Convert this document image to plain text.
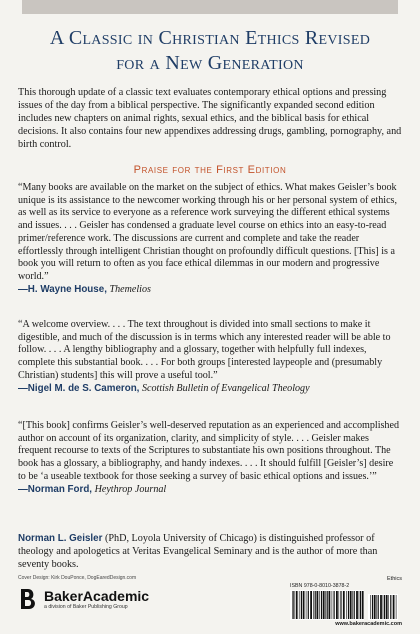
A Classic in Christian Ethics Revised
for a New Generation
This thorough update of a classic text evaluates contemporary ethical options and pressing issues of the day from a biblical perspective. The significantly expanded second edition includes new chapters on animal rights, sexual ethics, and the biblical basis for ethical decisions. It also contains four new appendixes addressing drugs, gambling, pornography, and birth control.
Praise for the First Edition
“Many books are available on the market on the subject of ethics. What makes Geisler’s book unique is its assistance to the newcomer working through his or her personal system of ethics, as well as its service to everyone as a reference work surveying the different ethical systems and issues. . . . Geisler has condensed a graduate level course on ethics into an easy-to-read primer/reference work. The discussions are current and complete and take the reader effortlessly through intelligent Christian thought on profoundly difficult questions. [This] is a book you will return to often as you face ethical dilemmas in our modern and progressive world.”
—H. Wayne House, Themelios
“A welcome overview. . . . The text throughout is divided into small sections to make it digestible, and much of the discussion is in terms which any interested reader will be able to follow. . . . A lengthy bibliography and a glossary, together with helpfully full indexes, complete this substantial book. . . . For both groups [interested laypeople and (presumably Christian) students] this will prove a useful tool.”
—Nigel M. de S. Cameron, Scottish Bulletin of Evangelical Theology
“[This book] confirms Geisler’s well-deserved reputation as an experienced and accomplished author on account of its organization, clarity, and simplicity of style. . . . Geisler makes frequent recourse to texts of the Scriptures to substantiate his own positions throughout. The book has a glossary, a bibliography, and handy indexes. . . . It should fulfill [Geisler’s] desire to be ‘a useable textbook for those seeking a survey of basic ethical options and issues.’”
—Norman Ford, Heythrop Journal
Norman L. Geisler (PhD, Loyola University of Chicago) is distinguished professor of theology and apologetics at Veritas Evangelical Seminary and is the author of more than seventy books.
Cover Design: Kirk DouPonce, DogEaredDesign.com
BakerAcademic
a division of Baker Publishing Group
Ethics
ISBN 978-0-8010-3878-2
www.bakeracademic.com
